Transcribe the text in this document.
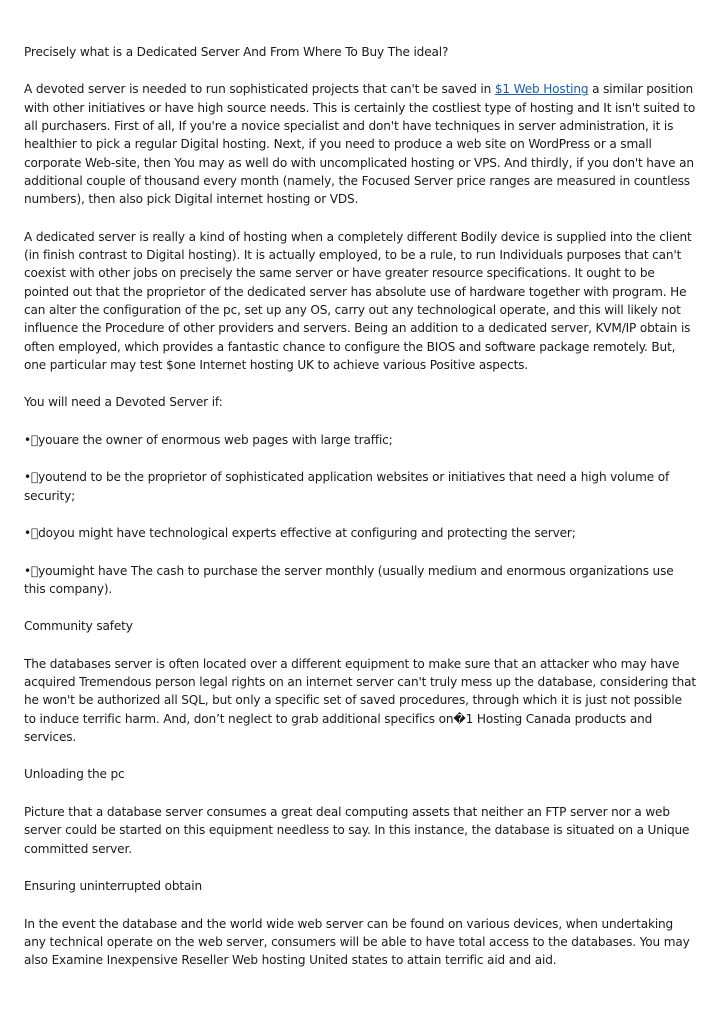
Precisely what is a Dedicated Server And From Where To Buy The ideal?

A devoted server is needed to run sophisticated projects that can't be saved in $1 Web Hosting a similar position with other initiatives or have high source needs. This is certainly the costliest type of hosting and It isn't suited to all purchasers. First of all, If you're a novice specialist and don't have techniques in server administration, it is healthier to pick a regular Digital hosting. Next, if you need to produce a web site on WordPress or a small corporate Web-site, then You may as well do with uncomplicated hosting or VPS. And thirdly, if you don't have an additional couple of thousand every month (namely, the Focused Server price ranges are measured in countless numbers), then also pick Digital internet hosting or VDS.

A dedicated server is really a kind of hosting when a completely different Bodily device is supplied into the client (in finish contrast to Digital hosting). It is actually employed, to be a rule, to run Individuals purposes that can't coexist with other jobs on precisely the same server or have greater resource specifications. It ought to be pointed out that the proprietor of the dedicated server has absolute use of hardware together with program. He can alter the configuration of the pc, set up any OS, carry out any technological operate, and this will likely not influence the Procedure of other providers and servers. Being an addition to a dedicated server, KVM/IP obtain is often employed, which provides a fantastic chance to configure the BIOS and software package remotely. But, one particular may test $one Internet hosting UK to achieve various Positive aspects.

You will need a Devoted Server if:

• youare the owner of enormous web pages with large traffic;

• youtend to be the proprietor of sophisticated application websites or initiatives that need a high volume of security;

• doyou might have technological experts effective at configuring and protecting the server;

• youmight have The cash to purchase the server monthly (usually medium and enormous organizations use this company).

Community safety

The databases server is often located over a different equipment to make sure that an attacker who may have acquired Tremendous person legal rights on an internet server can't truly mess up the database, considering that he won't be authorized all SQL, but only a specific set of saved procedures, through which it is just not possible to induce terrific harm. And, don’t neglect to grab additional specifics on�1 Hosting Canada products and services.

Unloading the pc

Picture that a database server consumes a great deal computing assets that neither an FTP server nor a web server could be started on this equipment needless to say. In this instance, the database is situated on a Unique committed server.

Ensuring uninterrupted obtain

In the event the database and the world wide web server can be found on various devices, when undertaking any technical operate on the web server, consumers will be able to have total access to the databases. You may also Examine Inexpensive Reseller Web hosting United states to attain terrific aid and aid.
